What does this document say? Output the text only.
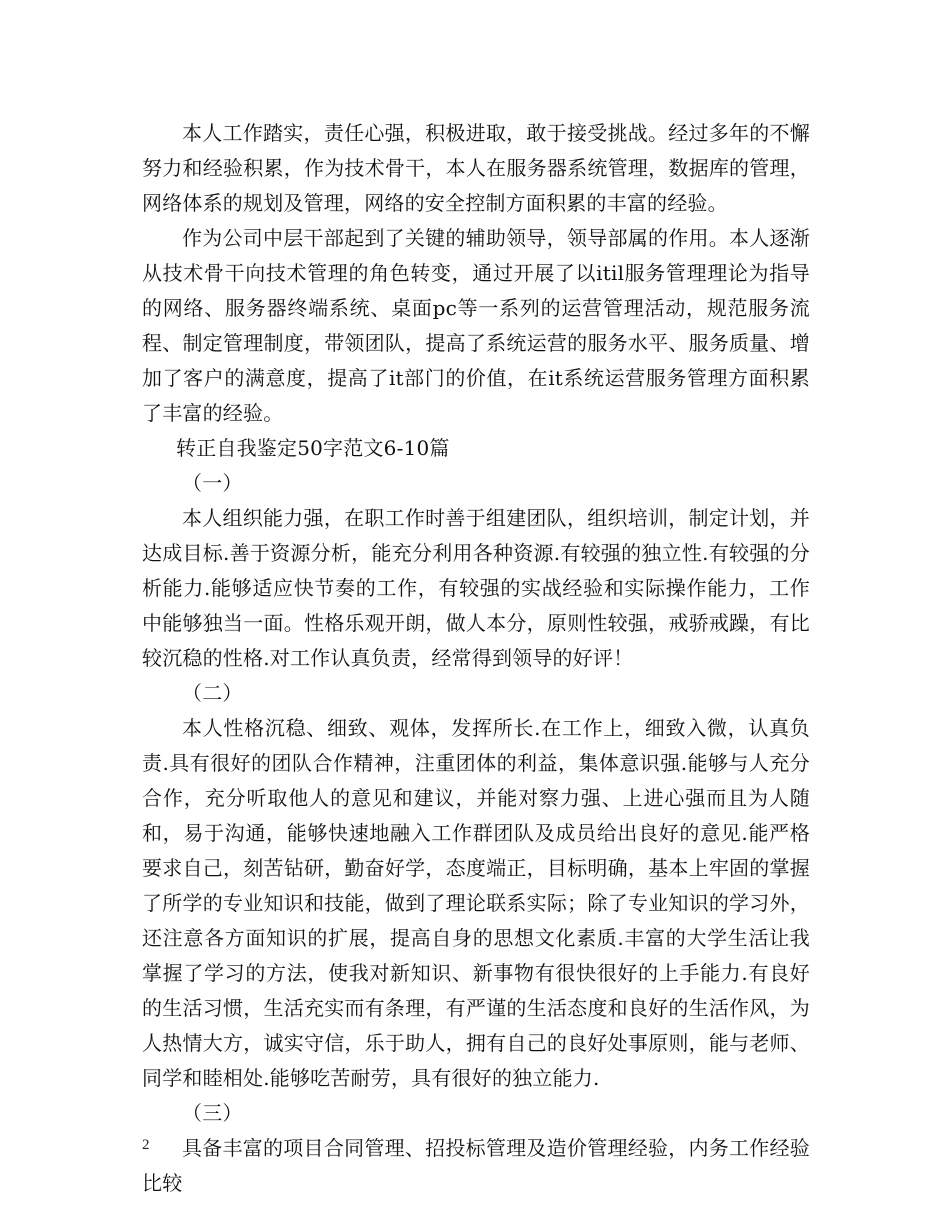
本人工作踏实，责任心强，积极进取，敢于接受挑战。经过多年的不懈努力和经验积累，作为技术骨干，本人在服务器系统管理，数据库的管理，网络体系的规划及管理，网络的安全控制方面积累的丰富的经验。

作为公司中层干部起到了关键的辅助领导，领导部属的作用。本人逐渐从技术骨干向技术管理的角色转变，通过开展了以itil服务管理理论为指导的网络、服务器终端系统、桌面pc等一系列的运营管理活动，规范服务流程、制定管理制度，带领团队，提高了系统运营的服务水平、服务质量、增加了客户的满意度，提高了it部门的价值，在it系统运营服务管理方面积累了丰富的经验。

转正自我鉴定50字范文6-10篇

（一）

本人组织能力强，在职工作时善于组建团队，组织培训，制定计划，并达成目标.善于资源分析，能充分利用各种资源.有较强的独立性.有较强的分析能力.能够适应快节奏的工作，有较强的实战经验和实际操作能力，工作中能够独当一面。性格乐观开朗，做人本分，原则性较强，戒骄戒躁，有比较沉稳的性格.对工作认真负责，经常得到领导的好评！

（二）

本人性格沉稳、细致、观体，发挥所长.在工作上，细致入微，认真负责.具有很好的团队合作精神，注重团体的利益，集体意识强.能够与人充分合作，充分听取他人的意见和建议，并能对察力强、上进心强而且为人随和，易于沟通，能够快速地融入工作群团队及成员给出良好的意见.能严格要求自己，刻苦钻研，勤奋好学，态度端正，目标明确，基本上牢固的掌握了所学的专业知识和技能，做到了理论联系实际；除了专业知识的学习外，还注意各方面知识的扩展，提高自身的思想文化素质.丰富的大学生活让我掌握了学习的方法，使我对新知识、新事物有很快很好的上手能力.有良好的生活习惯，生活充实而有条理，有严谨的生活态度和良好的生活作风，为人热情大方，诚实守信，乐于助人，拥有自己的良好处事原则，能与老师、同学和睦相处.能够吃苦耐劳，具有很好的独立能力.

（三）

具备丰富的项目合同管理、招投标管理及造价管理经验，内务工作经验比较

2
